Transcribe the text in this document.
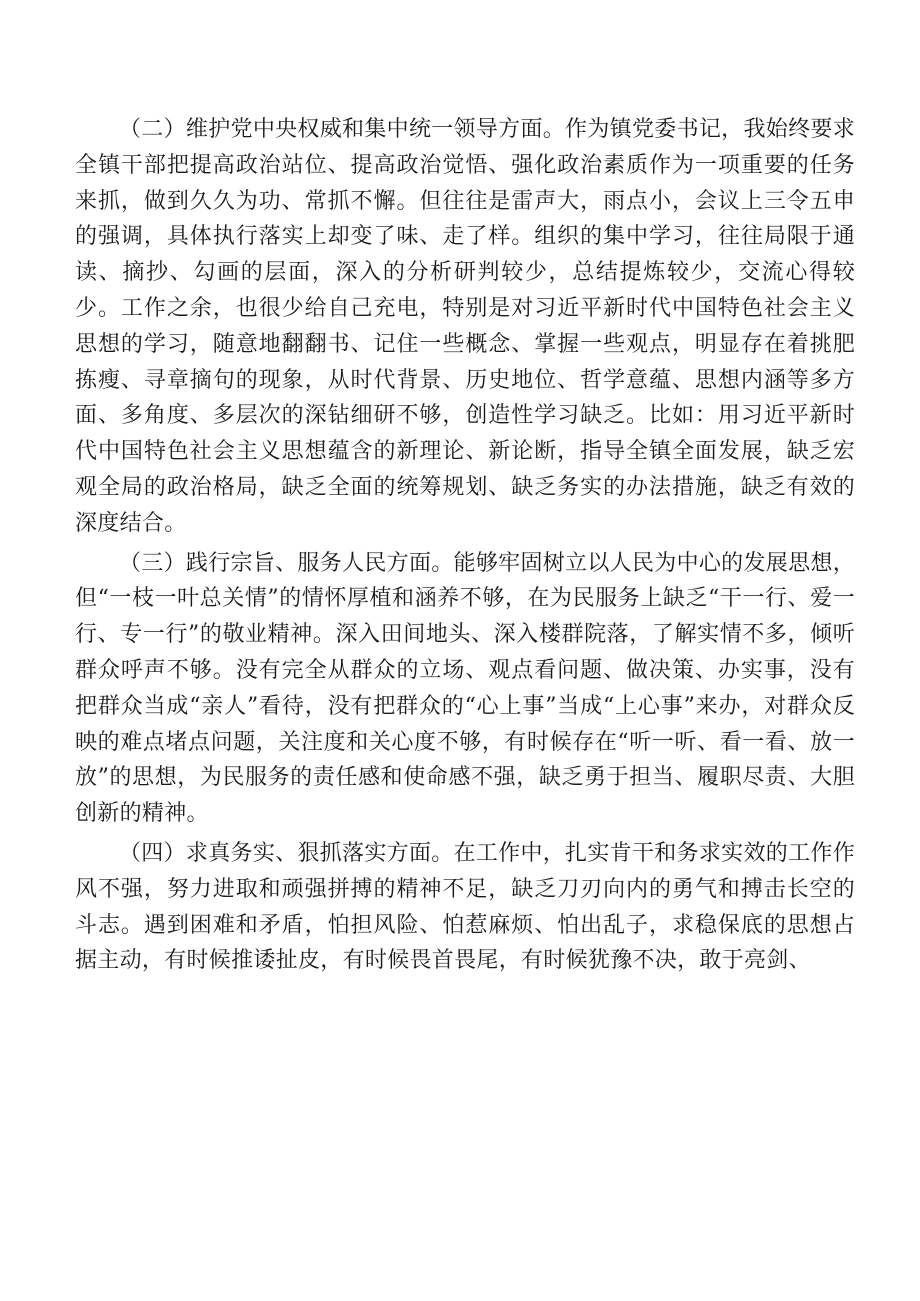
（二）维护党中央权威和集中统一领导方面。作为镇党委书记，我始终要求全镇干部把提高政治站位、提高政治觉悟、强化政治素质作为一项重要的任务来抓，做到久久为功、常抓不懈。但往往是雷声大，雨点小，会议上三令五申的强调，具体执行落实上却变了味、走了样。组织的集中学习，往往局限于通读、摘抄、勾画的层面，深入的分析研判较少，总结提炼较少，交流心得较少。工作之余，也很少给自己充电，特别是对习近平新时代中国特色社会主义思想的学习，随意地翻翻书、记住一些概念、掌握一些观点，明显存在着挑肥拣瘦、寻章摘句的现象，从时代背景、历史地位、哲学意蕴、思想内涵等多方面、多角度、多层次的深钻细研不够，创造性学习缺乏。比如：用习近平新时代中国特色社会主义思想蕴含的新理论、新论断，指导全镇全面发展，缺乏宏观全局的政治格局，缺乏全面的统筹规划、缺乏务实的办法措施，缺乏有效的深度结合。

（三）践行宗旨、服务人民方面。能够牢固树立以人民为中心的发展思想，但“一枝一叶总关情”的情怀厚植和涵养不够，在为民服务上缺乏“干一行、爱一行、专一行”的敬业精神。深入田间地头、深入楼群院落，了解实情不多，倾听群众呼声不够。没有完全从群众的立场、观点看问题、做决策、办实事，没有把群众当成“亲人”看待，没有把群众的“心上事”当成“上心事”来办，对群众反映的难点堵点问题，关注度和关心度不够，有时候存在“听一听、看一看、放一放”的思想，为民服务的责任感和使命感不强，缺乏勇于担当、履职尽责、大胆创新的精神。

（四）求真务实、狠抓落实方面。在工作中，扎实肯干和务求实效的工作作风不强，努力进取和顽强拼搏的精神不足，缺乏刀刃向内的勇气和搏击长空的斗志。遇到困难和矛盾，怕担风险、怕惹麻烦、怕出乱子，求稳保底的思想占据主动，有时候推诿扯皮，有时候畏首畏尾，有时候犹豫不决，敢于亮剑、
